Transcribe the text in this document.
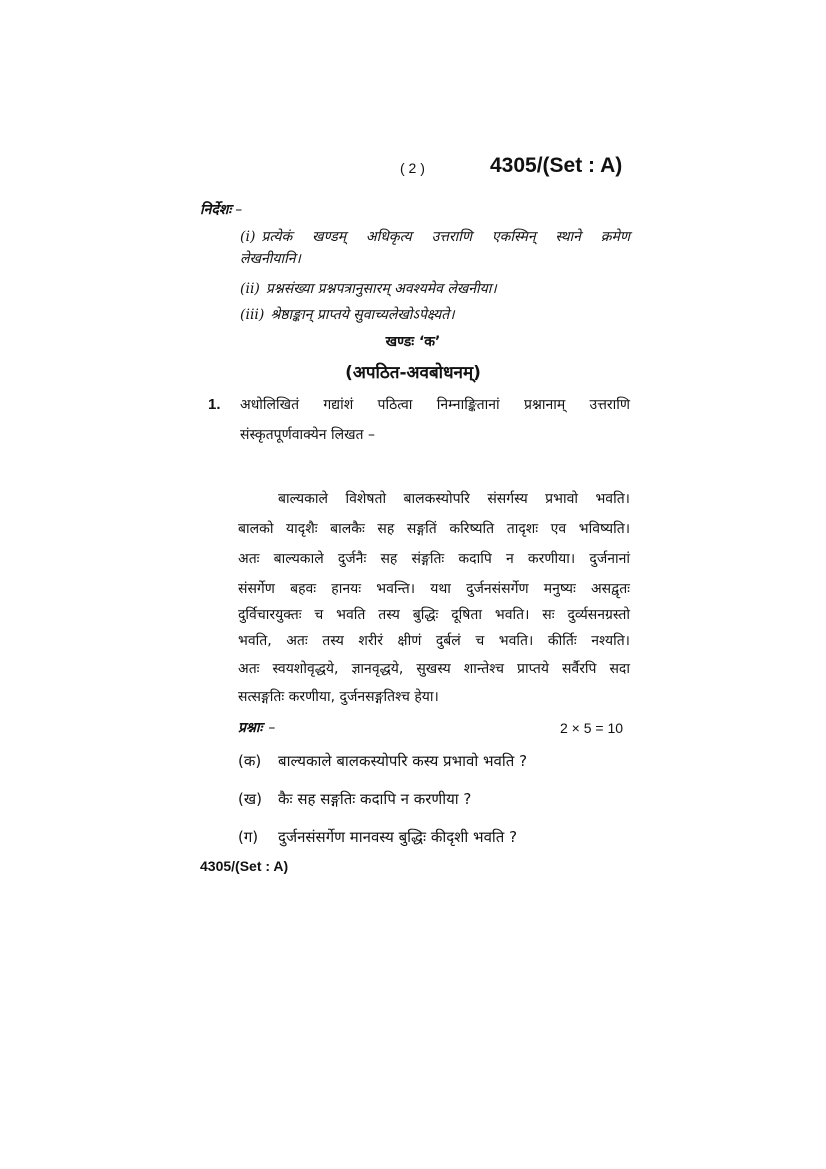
( 2 )	4305/(Set : A)
निर्देशः –
(i) प्रत्येकं खण्डम् अधिकृत्य उत्तराणि एकस्मिन् स्थाने क्रमेण
लेखनीयानि।
(ii) प्रश्नसंख्या प्रश्नपत्रानुसारम् अवश्यमेव लेखनीया।
(iii) श्रेष्ठाङ्कान् प्राप्तये सुवाच्यलेखोऽपेक्ष्यते।
खण्डः ‘क’
(अपठित-अवबोधनम्)
1. अधोलिखितं गद्यांशं पठित्वा निम्नाङ्कितानां प्रश्नानाम् उत्तराणि
संस्कृतपूर्णवाक्येन लिखत –
बाल्यकाले विशेषतो बालकस्योपरि संसर्गस्य प्रभावो भवति।
बालको यादृशैः बालकैः सह सङ्गतिं करिष्यति तादृशः एव भविष्यति।
अतः बाल्यकाले दुर्जनैः सह संङ्गतिः कदापि न करणीया। दुर्जनानां
संसर्गेण बहवः हानयः भवन्ति। यथा दुर्जनसंसर्गेण मनुष्यः असद्वृतः
दुर्विचारयुक्तः च भवति तस्य बुद्धिः दूषिता भवति। सः दुर्व्यसनग्रस्तो
भवति, अतः तस्य शरीरं क्षीणं दुर्बलं च भवति। कीर्तिः नश्यति।
अतः स्वयशोवृद्धये, ज्ञानवृद्धये, सुखस्य शान्तेश्च प्राप्तये सर्वैरपि सदा
सत्सङ्गतिः करणीया, दुर्जनसङ्गतिश्च हेया।
प्रश्नाः –	2 × 5 = 10
(क) बाल्यकाले बालकस्योपरि कस्य प्रभावो भवति ?
(ख) कैः सह सङ्गतिः कदापि न करणीया ?
(ग) दुर्जनसंसर्गेण मानवस्य बुद्धिः कीदृशी भवति ?
4305/(Set : A)
